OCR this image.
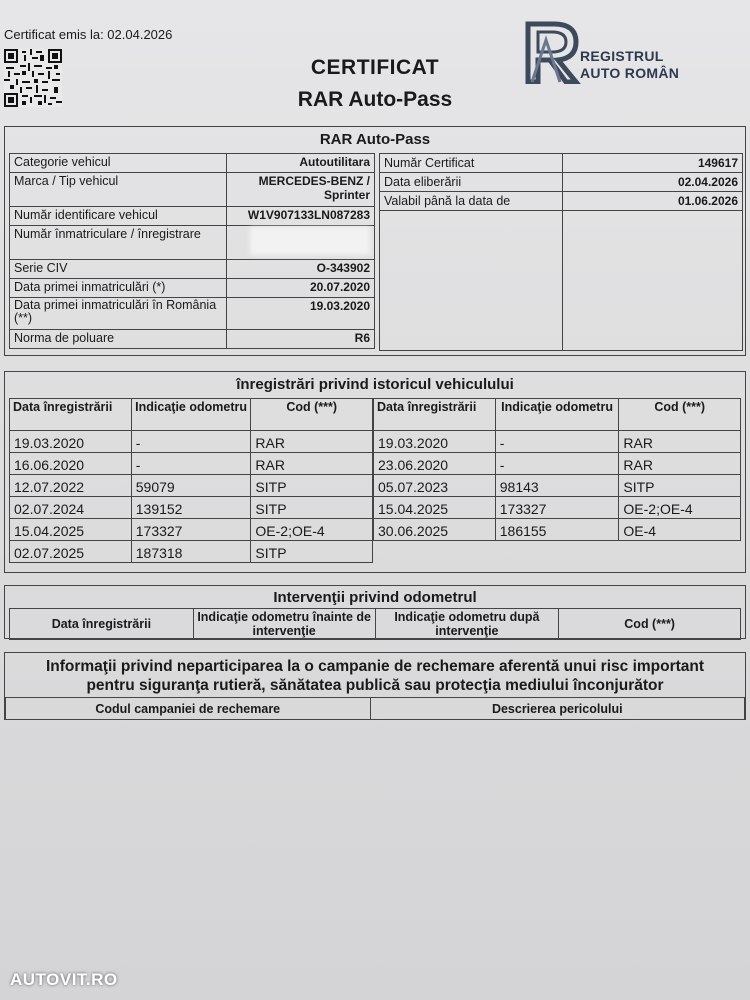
Certificat emis la: 02.04.2026
CERTIFICAT
RAR Auto-Pass
REGISTRUL
AUTO ROMÂN
RAR Auto-Pass
Categorie vehicul	Autoutilitara
Marca / Tip vehicul	MERCEDES-BENZ / Sprinter
Număr identificare vehicul	W1V907133LN087283
Număr înmatriculare / înregistrare	
Serie CIV	O-343902
Data primei inmatriculări (*)	20.07.2020
Data primei inmatriculări în România (**)	19.03.2020
Norma de poluare	R6
Număr Certificat	149617
Data eliberării	02.04.2026
Valabil până la data de	01.06.2026

înregistrări privind istoricul vehiculului
Data înregistrării	Indicaţie odometru	Cod (***)
19.03.2020	-	RAR
16.06.2020	-	RAR
12.07.2022	59079	SITP
02.07.2024	139152	SITP
15.04.2025	173327	OE-2;OE-4
02.07.2025	187318	SITP
Data înregistrării	Indicaţie odometru	Cod (***)
19.03.2020	-	RAR
23.06.2020	-	RAR
05.07.2023	98143	SITP
15.04.2025	173327	OE-2;OE-4
30.06.2025	186155	OE-4
Intervenţii privind odometrul
Data înregistrării	Indicaţie odometru înainte de intervenţie	Indicaţie odometru după intervenţie	Cod (***)
Informaţii privind neparticiparea la o campanie de rechemare aferentă unui risc important
pentru siguranţa rutieră, sănătatea publică sau protecţia mediului înconjurător
Codul campaniei de rechemare	Descrierea pericolului
AUTOVIT.RO
